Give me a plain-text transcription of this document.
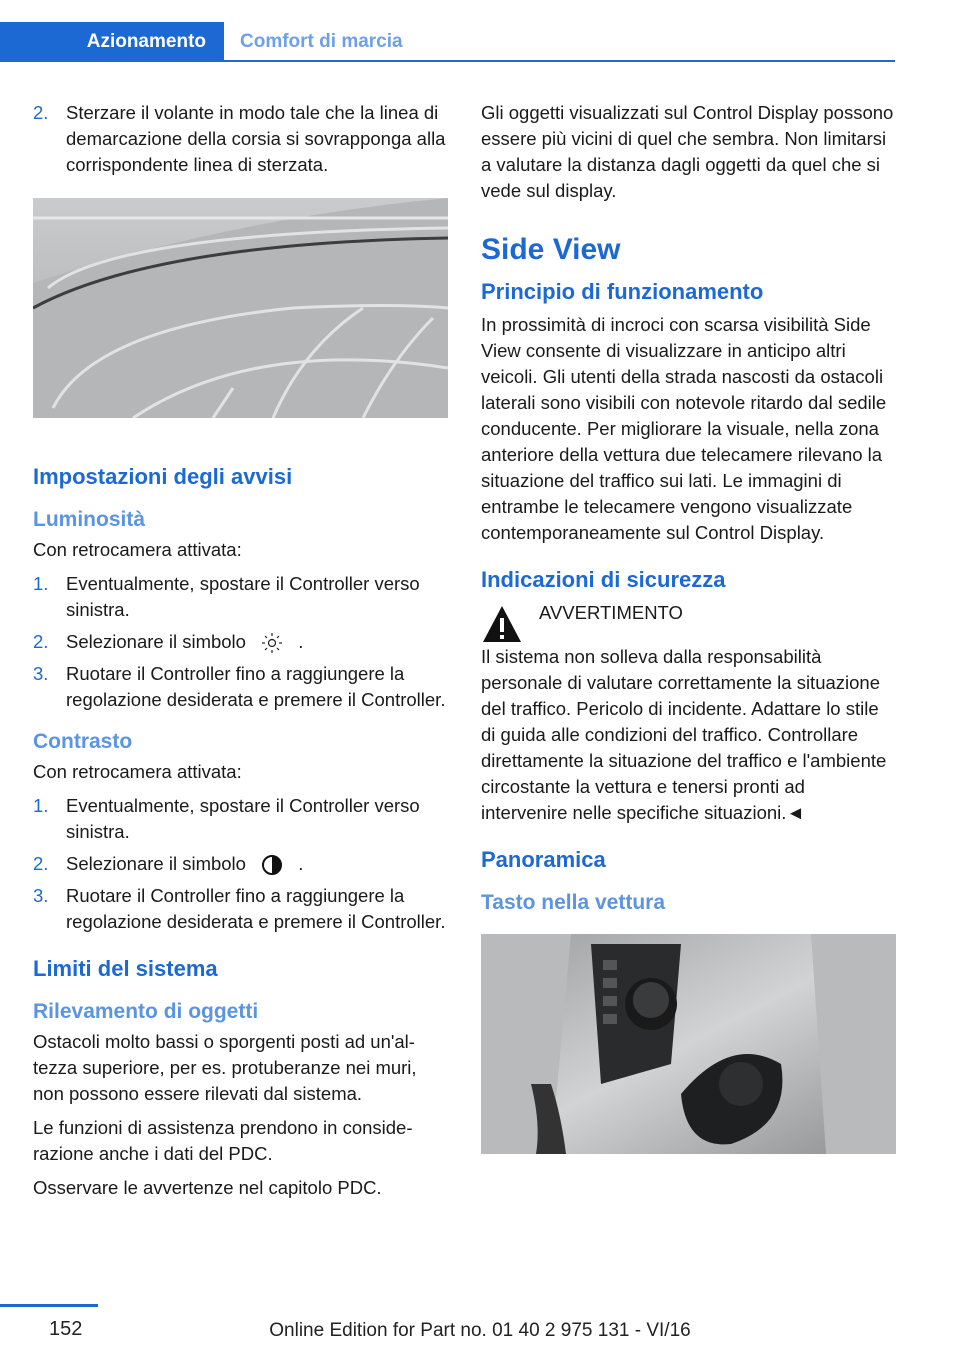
Azionamento	Comfort di marcia
2. Sterzare il volante in modo tale che la linea di demarcazione della corsia si sovrapponga alla corrispondente linea di sterzata.
Impostazioni degli avvisi
Luminosità

Con retrocamera attivata:

1. Eventualmente, spostare il Controller verso sinistra.
2. Selezionare il simbolo	.
3. Ruotare il Controller fino a raggiungere la regolazione desiderata e premere il Controller.
Contrasto

Con retrocamera attivata:

1. Eventualmente, spostare il Controller verso sinistra.
2. Selezionare il simbolo	.
3. Ruotare il Controller fino a raggiungere la regolazione desiderata e premere il Controller.
Limiti del sistema
Rilevamento di oggetti

Ostacoli molto bassi o sporgenti posti ad un'altezza superiore, per es. protuberanze nei muri, non possono essere rilevati dal sistema.

Le funzioni di assistenza prendono in considerazione anche i dati del PDC.

Osservare le avvertenze nel capitolo PDC.

Gli oggetti visualizzati sul Control Display possono essere più vicini di quel che sembra. Non limitarsi a valutare la distanza dagli oggetti da quel che si vede sul display.

Side View
Principio di funzionamento

In prossimità di incroci con scarsa visibilità Side View consente di visualizzare in anticipo altri veicoli. Gli utenti della strada nascosti da ostacoli laterali sono visibili con notevole ritardo dal sedile conducente. Per migliorare la visuale, nella zona anteriore della vettura due telecamere rilevano la situazione del traffico sui lati. Le immagini di entrambe le telecamere vengono visualizzate contemporaneamente sul Control Display.

Indicazioni di sicurezza
AVVERTIMENTO

Il sistema non solleva dalla responsabilità personale di valutare correttamente la situazione del traffico. Pericolo di incidente. Adattare lo stile di guida alle condizioni del traffico. Controllare direttamente la situazione del traffico e l'ambiente circostante la vettura e tenersi pronti ad intervenire nelle specifiche situazioni.◄

Panoramica
Tasto nella vettura
152	Online Edition for Part no. 01 40 2 975 131 - VI/16
